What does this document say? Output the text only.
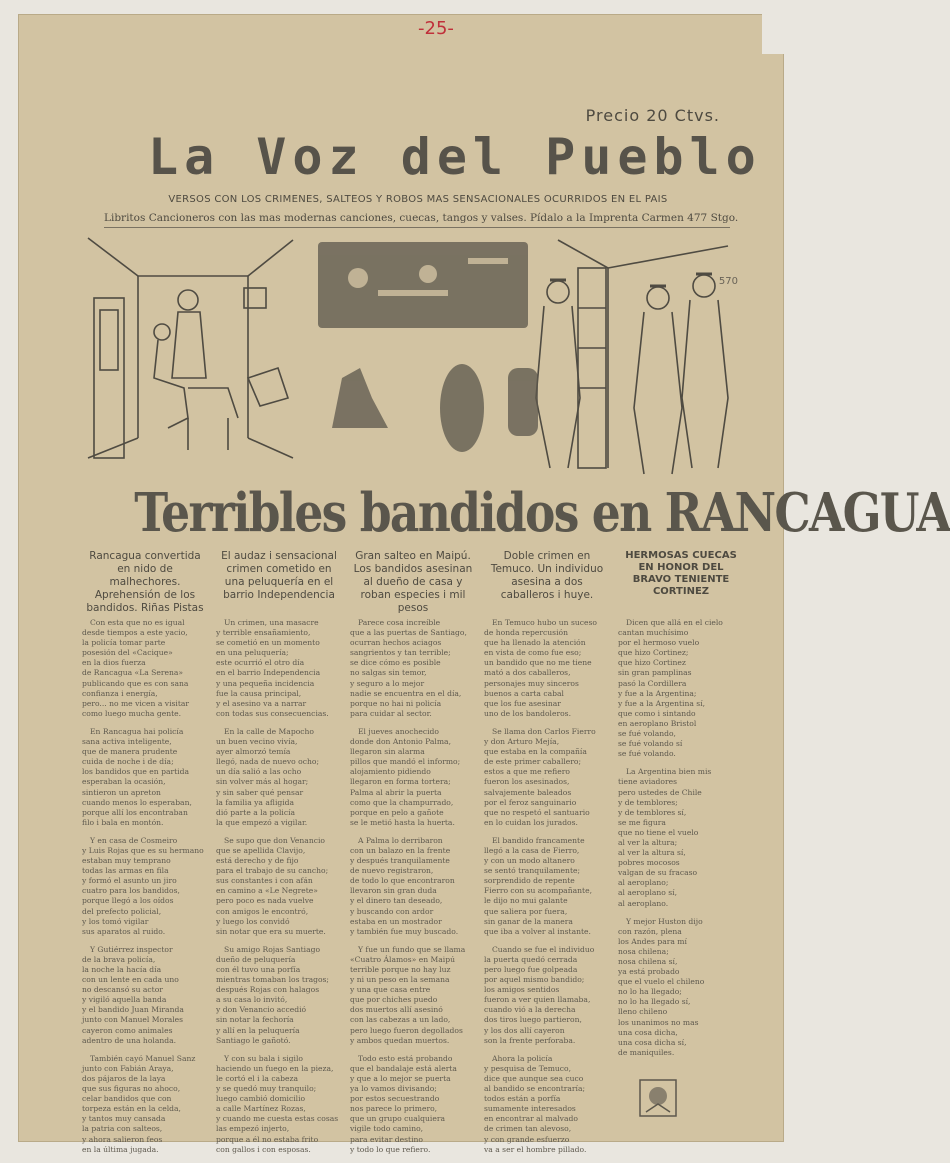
-25-
Precio 20 Ctvs.
La Voz del Pueblo
VERSOS CON LOS CRIMENES, SALTEOS Y ROBOS MAS SENSACIONALES OCURRIDOS EN EL PAIS
Libritos Cancioneros con las mas modernas canciones, cuecas, tangos y valses. Pídalo a la Imprenta Carmen 477 Stgo.
570
Terribles bandidos en RANCAGUA
Rancagua convertida en nido de malhechores. Aprehensión de los bandidos. Riñas Pistas
El audaz i sensacional crimen cometido en una peluquería en el barrio Independencia
Gran salteo en Maipú. Los bandidos asesinan al dueño de casa y roban especies i mil pesos
Doble crimen en Temuco. Un individuo asesina a dos caballeros i huye.
HERMOSAS CUECAS EN HONOR DEL BRAVO TENIENTE CORTINEZ

Con esta que no es igual
desde tiempos a este yacio,
la policía tomar parte
posesión del «Cacique»
en la dios fuerza
de Rancagua «La Serena»
publicando que es con sana
confianza i energía,
pero... no me vicen a visitar
como luego mucha gente.

En Rancagua hai policía
sana activa inteligente,
que de manera prudente
cuida de noche i de día;
los bandidos que en partida
esperaban la ocasión,
sintieron un apreton
cuando menos lo esperaban,
porque allí los encontraban
filo i bala en montón.

Y en casa de Cosmeiro
y Luis Rojas que es su hermano
estaban muy temprano
todas las armas en fila
y formó el asunto un jiro
cuatro para los bandidos,
porque llegó a los oídos
del prefecto policial,
y los tomó vigilar
sus aparatos al ruido.

Y Gutiérrez inspector
de la brava policía,
la noche la hacía día
con un lente en cada uno
no descansó su actor
y vigiló aquella banda
y el bandido Juan Miranda
junto con Manuel Morales
cayeron como animales
adentro de una holanda.

También cayó Manuel Sanz
junto con Fabián Araya,
dos pájaros de la laya
que sus figuras no ahoco,
celar bandidos que con
torpeza están en la celda,
y tantos muy cansada
la patria con salteos,
y ahora salieron feos
en la última jugada.

Un crimen, una masacre
y terrible ensañamiento,
se cometió en un momento
en una peluquería;
este ocurrió el otro día
en el barrio Independencia
y una pequeña incidencia
fue la causa principal,
y el asesino va a narrar
con todas sus consecuencias.

En la calle de Mapocho
un buen vecino vivía,
ayer almorzó temía
llegó, nada de nuevo ocho;
un día salió a las ocho
sin volver más al hogar;
y sin saber qué pensar
la familia ya afligida
dió parte a la policía
la que empezó a vigilar.

Se supo que don Venancio
que se apellida Clavijo,
está derecho y de fijo
para el trabajo de su cancho;
sus constantes i con afán
en camino a «Le Negrete»
pero poco es nada vuelve
con amigos le encontró,
y luego los convidó
sin notar que era su muerte.

Su amigo Rojas Santiago
dueño de peluquería
con él tuvo una porfía
mientras tomaban los tragos;
después Rojas con halagos
a su casa lo invitó,
y don Venancio accedió
sin notar la fechoría
y allí en la peluquería
Santiago le gañotó.

Y con su bala i sigilo
haciendo un fuego en la pieza,
le cortó el i la cabeza
y se quedó muy tranquilo;
luego cambió domicilio
a calle Martínez Rozas,
y cuando me cuesta estas cosas
las empezó injerto,
porque a él no estaba frito
con gallos i con esposas.

Parece cosa increíble
que a las puertas de Santiago,
ocurran hechos aciagos
sangrientos y tan terrible;
se dice cómo es posible
no salgas sin temor,
y seguro a lo mejor
nadie se encuentra en el día,
porque no hai ni policía
para cuidar al sector.

El jueves anochecido
donde don Antonio Palma,
llegaron sin alarma
pillos que mandó el informo;
alojamiento pidiendo
llegaron en forma tortera;
Palma al abrir la puerta
como que la champurrado,
porque en pelo a gañote
se le metió hasta la huerta.

A Palma lo derribaron
con un balazo en la frente
y después tranquilamente
de nuevo registraron,
de todo lo que encontraron
llevaron sin gran duda
y el dinero tan deseado,
y buscando con ardor
estaba en un mostrador
y también fue muy buscado.

Y fue un fundo que se llama
«Cuatro Álamos» en Maipú
terrible porque no hay luz
y ni un peso en la semana
y una que casa entre
que por chiches puedo
dos muertos allí asesinó
con las cabezas a un lado,
pero luego fueron degollados
y ambos quedan muertos.

Todo esto está probando
que el bandalaje está alerta
y que a lo mejor se puerta
ya lo vamos divisando;
por estos secuestrando
nos parece lo primero,
que un grupo cualquiera
vigile todo camino,
para evitar destino
y todo lo que refiero.

En Temuco hubo un suceso
de honda repercusión
que ha llenado la atención
en vista de como fue eso;
un bandido que no me tiene
mató a dos caballeros,
personajes muy sinceros
buenos a carta cabal
que los fue asesinar
uno de los bandoleros.

Se llama don Carlos Fierro
y don Arturo Mejía,
que estaba en la compañía
de este primer caballero;
estos a que me refiero
fueron los asesinados,
salvajemente baleados
por el feroz sanguinario
que no respetó el santuario
en lo cuidan los jurados.

El bandido francamente
llegó a la casa de Fierro,
y con un modo altanero
se sentó tranquilamente;
sorprendido de repente
Fierro con su acompañante,
le dijo no mui galante
que saliera por fuera,
sin ganar de la manera
que iba a volver al instante.

Cuando se fue el individuo
la puerta quedó cerrada
pero luego fue golpeada
por aquel mismo bandido;
los amigos sentidos
fueron a ver quien llamaba,
cuando vió a la derecha
dos tiros luego partieron,
y los dos allí cayeron
son la frente perforaba.

Ahora la policía
y pesquisa de Temuco,
dice que aunque sea cuco
al bandido se encontraría;
todos están a porfía
sumamente interesados
en encontrar al malvado
de crimen tan alevoso,
y con grande esfuerzo
va a ser el hombre pillado.

Dicen que allá en el cielo
cantan muchísimo
por el hermoso vuelo
que hizo Cortinez;
que hizo Cortinez
sin gran pamplinas
pasó la Cordillera
y fue a la Argentina;
y fue a la Argentina sí,
que como i sintando
en aeroplano Bristol
se fué volando,
se fué volando sí
se fué volando.

La Argentina bien mis
tiene aviadores
pero ustedes de Chile
y de temblores;
y de temblores sí,
se me figura
que no tiene el vuelo
al ver la altura;
al ver la altura sí,
pobres mocosos
valgan de su fracaso
al aeroplano;
al aeroplano sí,
al aeroplano.

Y mejor Huston dijo
con razón, plena
los Andes para mí
nosa chilena;
nosa chilena sí,
ya está probado
que el vuelo el chileno
no lo ha llegado;
no lo ha llegado sí,
lleno chileno
los unanimos no mas
una cosa dicha,
una cosa dicha sí,
de maniquiles.
